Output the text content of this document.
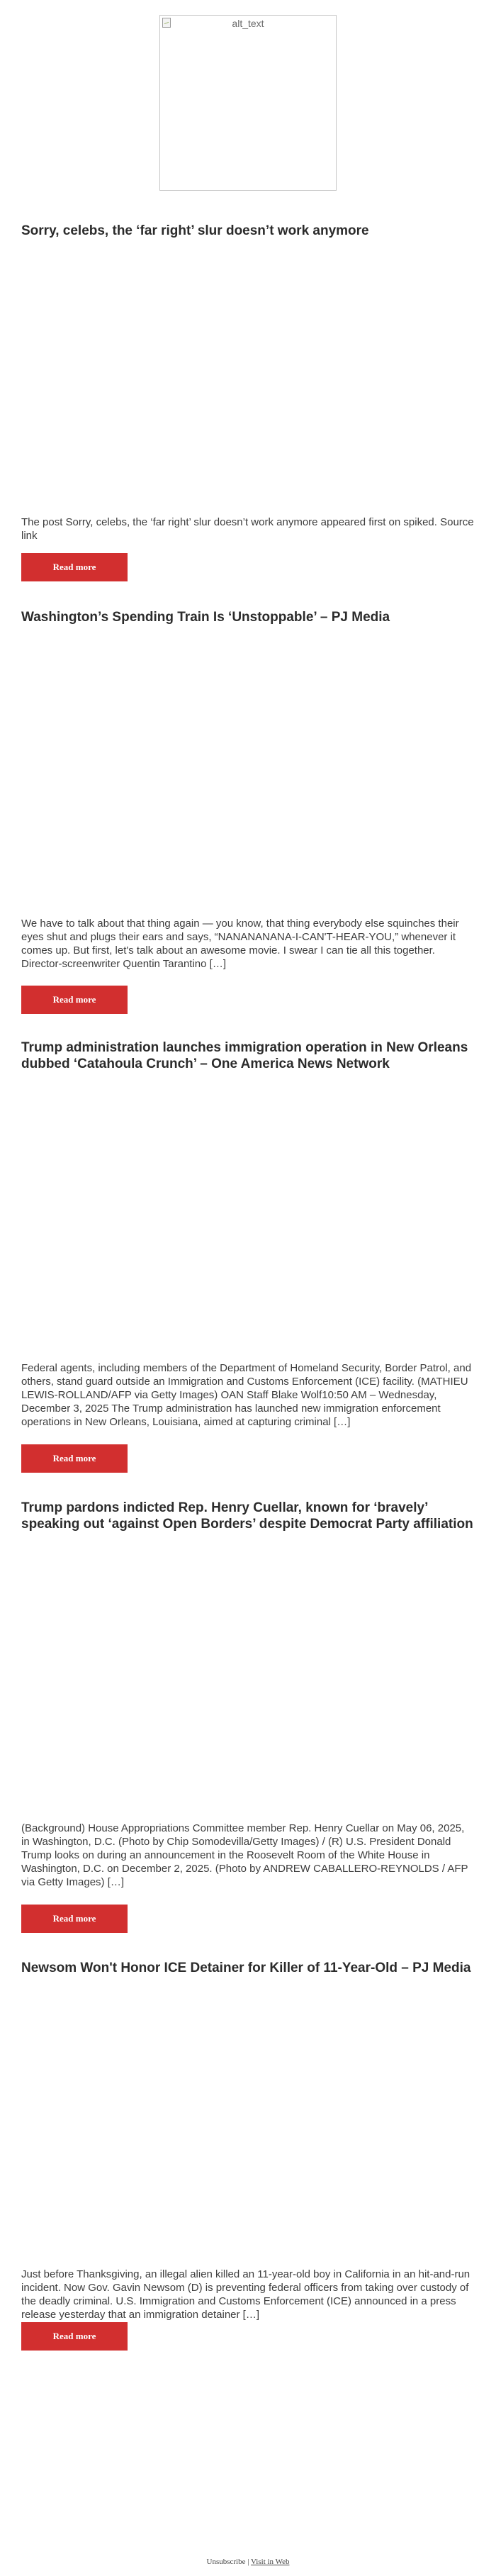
alt_text
Sorry, celebs, the ‘far right’ slur doesn’t work anymore

The post Sorry, celebs, the ‘far right’ slur doesn’t work anymore appeared first on spiked. Source link

Read more
Washington’s Spending Train Is ‘Unstoppable’ – PJ Media

We have to talk about that thing again — you know, that thing everybody else squinches their eyes shut and plugs their ears and says, “NANANANANA-I-CAN'T-HEAR-YOU,” whenever it comes up. But first, let's talk about an awesome movie. I swear I can tie all this together. Director-screenwriter Quentin Tarantino […]

Read more
Trump administration launches immigration operation in New Orleans dubbed ‘Catahoula Crunch’ – One America News Network

Federal agents, including members of the Department of Homeland Security, Border Patrol, and others, stand guard outside an Immigration and Customs Enforcement (ICE) facility. (MATHIEU LEWIS-ROLLAND/AFP via Getty Images) OAN Staff Blake Wolf10:50 AM – Wednesday, December 3, 2025 The Trump administration has launched new immigration enforcement operations in New Orleans, Louisiana, aimed at capturing criminal […]

Read more
Trump pardons indicted Rep. Henry Cuellar, known for ‘bravely’ speaking out ‘against Open Borders’ despite Democrat Party affiliation

(Background) House Appropriations Committee member Rep. Henry Cuellar on May 06, 2025, in Washington, D.C. (Photo by Chip Somodevilla/Getty Images) / (R) U.S. President Donald Trump looks on during an announcement in the Roosevelt Room of the White House in Washington, D.C. on December 2, 2025. (Photo by ANDREW CABALLERO-REYNOLDS / AFP via Getty Images) […]

Read more
Newsom Won't Honor ICE Detainer for Killer of 11-Year-Old – PJ Media

Just before Thanksgiving, an illegal alien killed an 11-year-old boy in California in an hit-and-run incident. Now Gov. Gavin Newsom (D) is preventing federal officers from taking over custody of the deadly criminal. U.S. Immigration and Customs Enforcement (ICE) announced in a press release yesterday that an immigration detainer […]

Read more
Unsubscribe | Visit in Web
